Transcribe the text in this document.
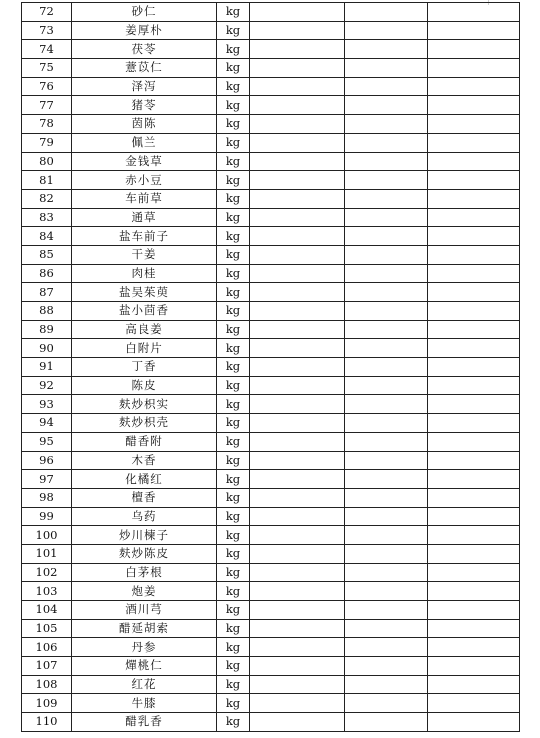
72	砂仁	kg			
73	姜厚朴	kg			
74	茯苓	kg			
75	薏苡仁	kg			
76	泽泻	kg			
77	猪苓	kg			
78	茵陈	kg			
79	佩兰	kg			
80	金钱草	kg			
81	赤小豆	kg			
82	车前草	kg			
83	通草	kg			
84	盐车前子	kg			
85	干姜	kg			
86	肉桂	kg			
87	盐吴茱萸	kg			
88	盐小茴香	kg			
89	高良姜	kg			
90	白附片	kg			
91	丁香	kg			
92	陈皮	kg			
93	麸炒枳实	kg			
94	麸炒枳壳	kg			
95	醋香附	kg			
96	木香	kg			
97	化橘红	kg			
98	檀香	kg			
99	乌药	kg			
100	炒川楝子	kg			
101	麸炒陈皮	kg			
102	白茅根	kg			
103	炮姜	kg			
104	酒川芎	kg			
105	醋延胡索	kg			
106	丹参	kg			
107	燀桃仁	kg			
108	红花	kg			
109	牛膝	kg			
110	醋乳香	kg			
